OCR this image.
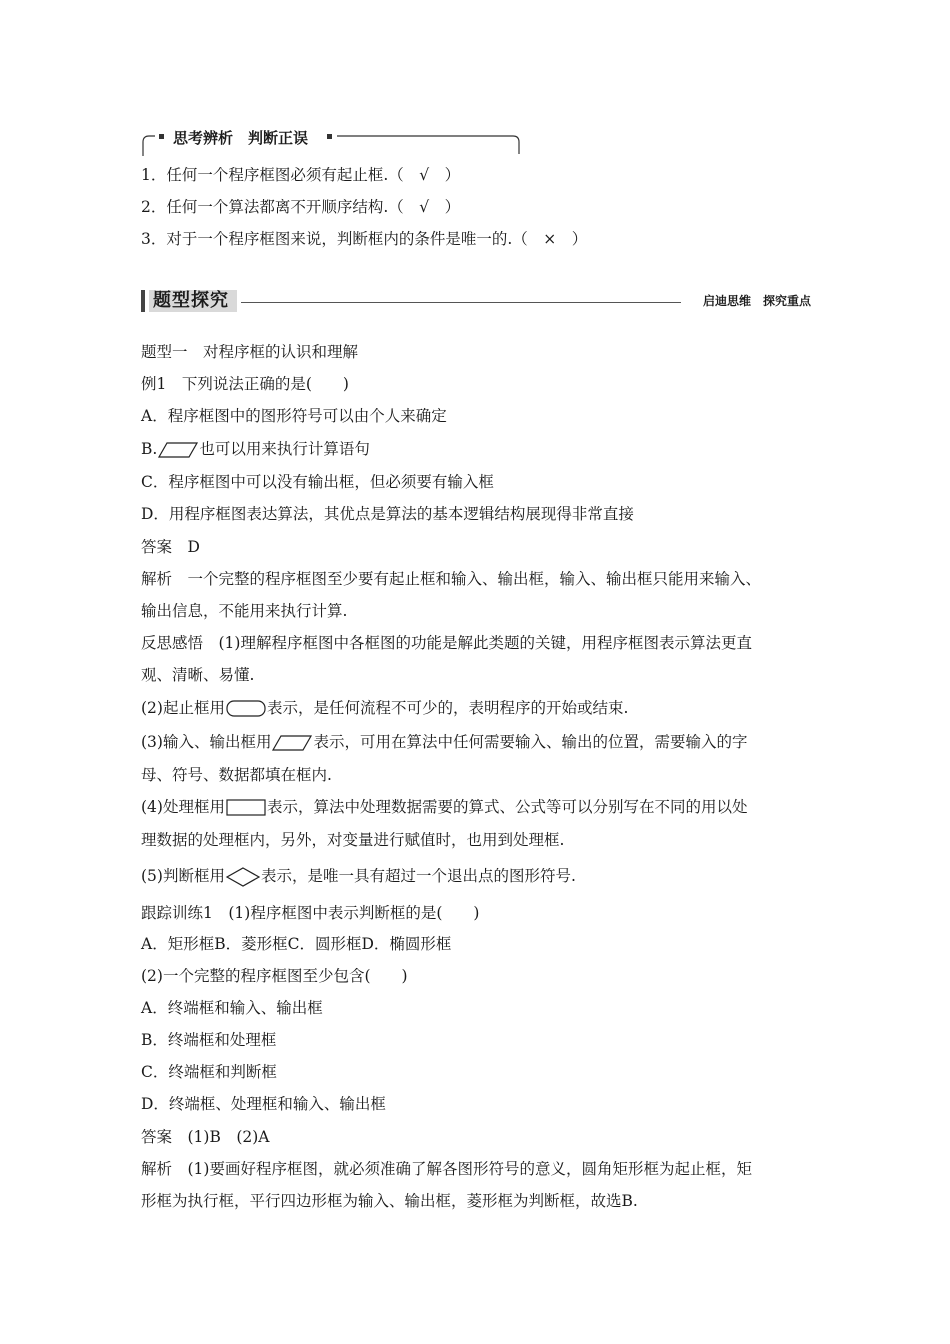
思考辨析　判断正误
1．任何一个程序框图必须有起止框.（　√　）
2．任何一个算法都离不开顺序结构.（　√　）
3．对于一个程序框图来说，判断框内的条件是唯一的.（　×　）
题型探究	启迪思维　探究重点
题型一　对程序框的认识和理解
例1　下列说法正确的是(　　)
A．程序框图中的图形符号可以由个人来确定
B.	也可以用来执行计算语句
C．程序框图中可以没有输出框，但必须要有输入框
D．用程序框图表达算法，其优点是算法的基本逻辑结构展现得非常直接
答案　D
解析　一个完整的程序框图至少要有起止框和输入、输出框，输入、输出框只能用来输入、
输出信息，不能用来执行计算.
反思感悟　(1)理解程序框图中各框图的功能是解此类题的关键，用程序框图表示算法更直
观、清晰、易懂.
(2)起止框用	表示，是任何流程不可少的，表明程序的开始或结束.
(3)输入、输出框用	表示，可用在算法中任何需要输入、输出的位置，需要输入的字
母、符号、数据都填在框内.
(4)处理框用	表示，算法中处理数据需要的算式、公式等可以分别写在不同的用以处
理数据的处理框内，另外，对变量进行赋值时，也用到处理框.
(5)判断框用 表示，是唯一具有超过一个退出点的图形符号.
跟踪训练1　(1)程序框图中表示判断框的是(　　)
A．矩形框B．菱形框C．圆形框D．椭圆形框
(2)一个完整的程序框图至少包含(　　)
A．终端框和输入、输出框
B．终端框和处理框
C．终端框和判断框
D．终端框、处理框和输入、输出框
答案　(1)B　(2)A
解析　(1)要画好程序框图，就必须准确了解各图形符号的意义，圆角矩形框为起止框，矩
形框为执行框，平行四边形框为输入、输出框，菱形框为判断框，故选B.
